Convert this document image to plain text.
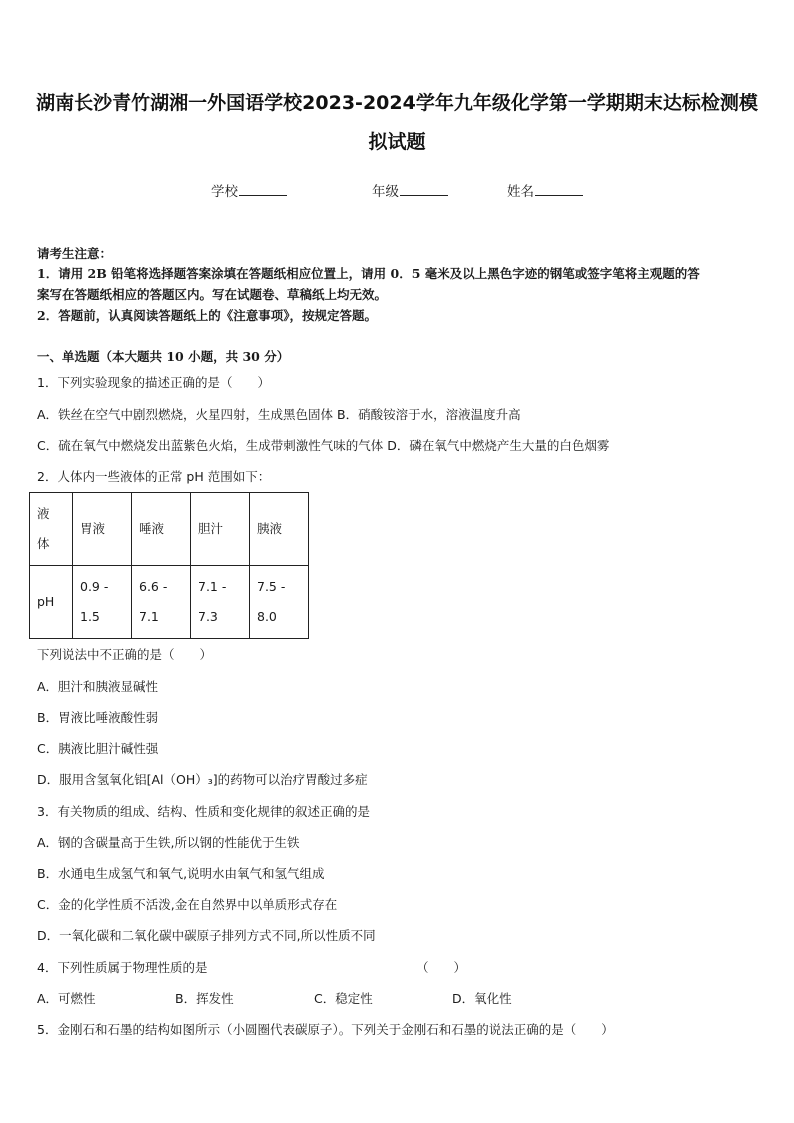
湖南长沙青竹湖湘一外国语学校2023-2024学年九年级化学第一学期期末达标检测模
拟试题
学校	年级	姓名
请考生注意：
1．请用 2B 铅笔将选择题答案涂填在答题纸相应位置上，请用 0．5 毫米及以上黑色字迹的钢笔或签字笔将主观题的答
案写在答题纸相应的答题区内。写在试题卷、草稿纸上均无效。
2．答题前，认真阅读答题纸上的《注意事项》，按规定答题。
一、单选题（本大题共 10 小题，共 30 分）
1．下列实验现象的描述正确的是（　　）
A．铁丝在空气中剧烈燃烧，火星四射，生成黑色固体 B．硝酸铵溶于水，溶液温度升高
C．硫在氧气中燃烧发出蓝紫色火焰，生成带刺激性气味的气体 D．磷在氧气中燃烧产生大量的白色烟雾
2．人体内一些液体的正常 pH 范围如下：
液体	胃液	唾液	胆汁	胰液
pH	0.9 - 1.5	6.6 - 7.1	7.1 - 7.3	7.5 - 8.0
下列说法中不正确的是（　　）
A．胆汁和胰液显碱性
B．胃液比唾液酸性弱
C．胰液比胆汁碱性强
D．服用含氢氧化铝[Al（OH）₃]的药物可以治疗胃酸过多症
3．有关物质的组成、结构、性质和变化规律的叙述正确的是
A．钢的含碳量高于生铁,所以钢的性能优于生铁
B．水通电生成氢气和氧气,说明水由氧气和氢气组成
C．金的化学性质不活泼,金在自然界中以单质形式存在
D．一氧化碳和二氧化碳中碳原子排列方式不同,所以性质不同
4．下列性质属于物理性质的是	（　　）
A．可燃性	B．挥发性	C．稳定性	D．氧化性
5．金刚石和石墨的结构如图所示（小圆圈代表碳原子）。下列关于金刚石和石墨的说法正确的是（　　）
